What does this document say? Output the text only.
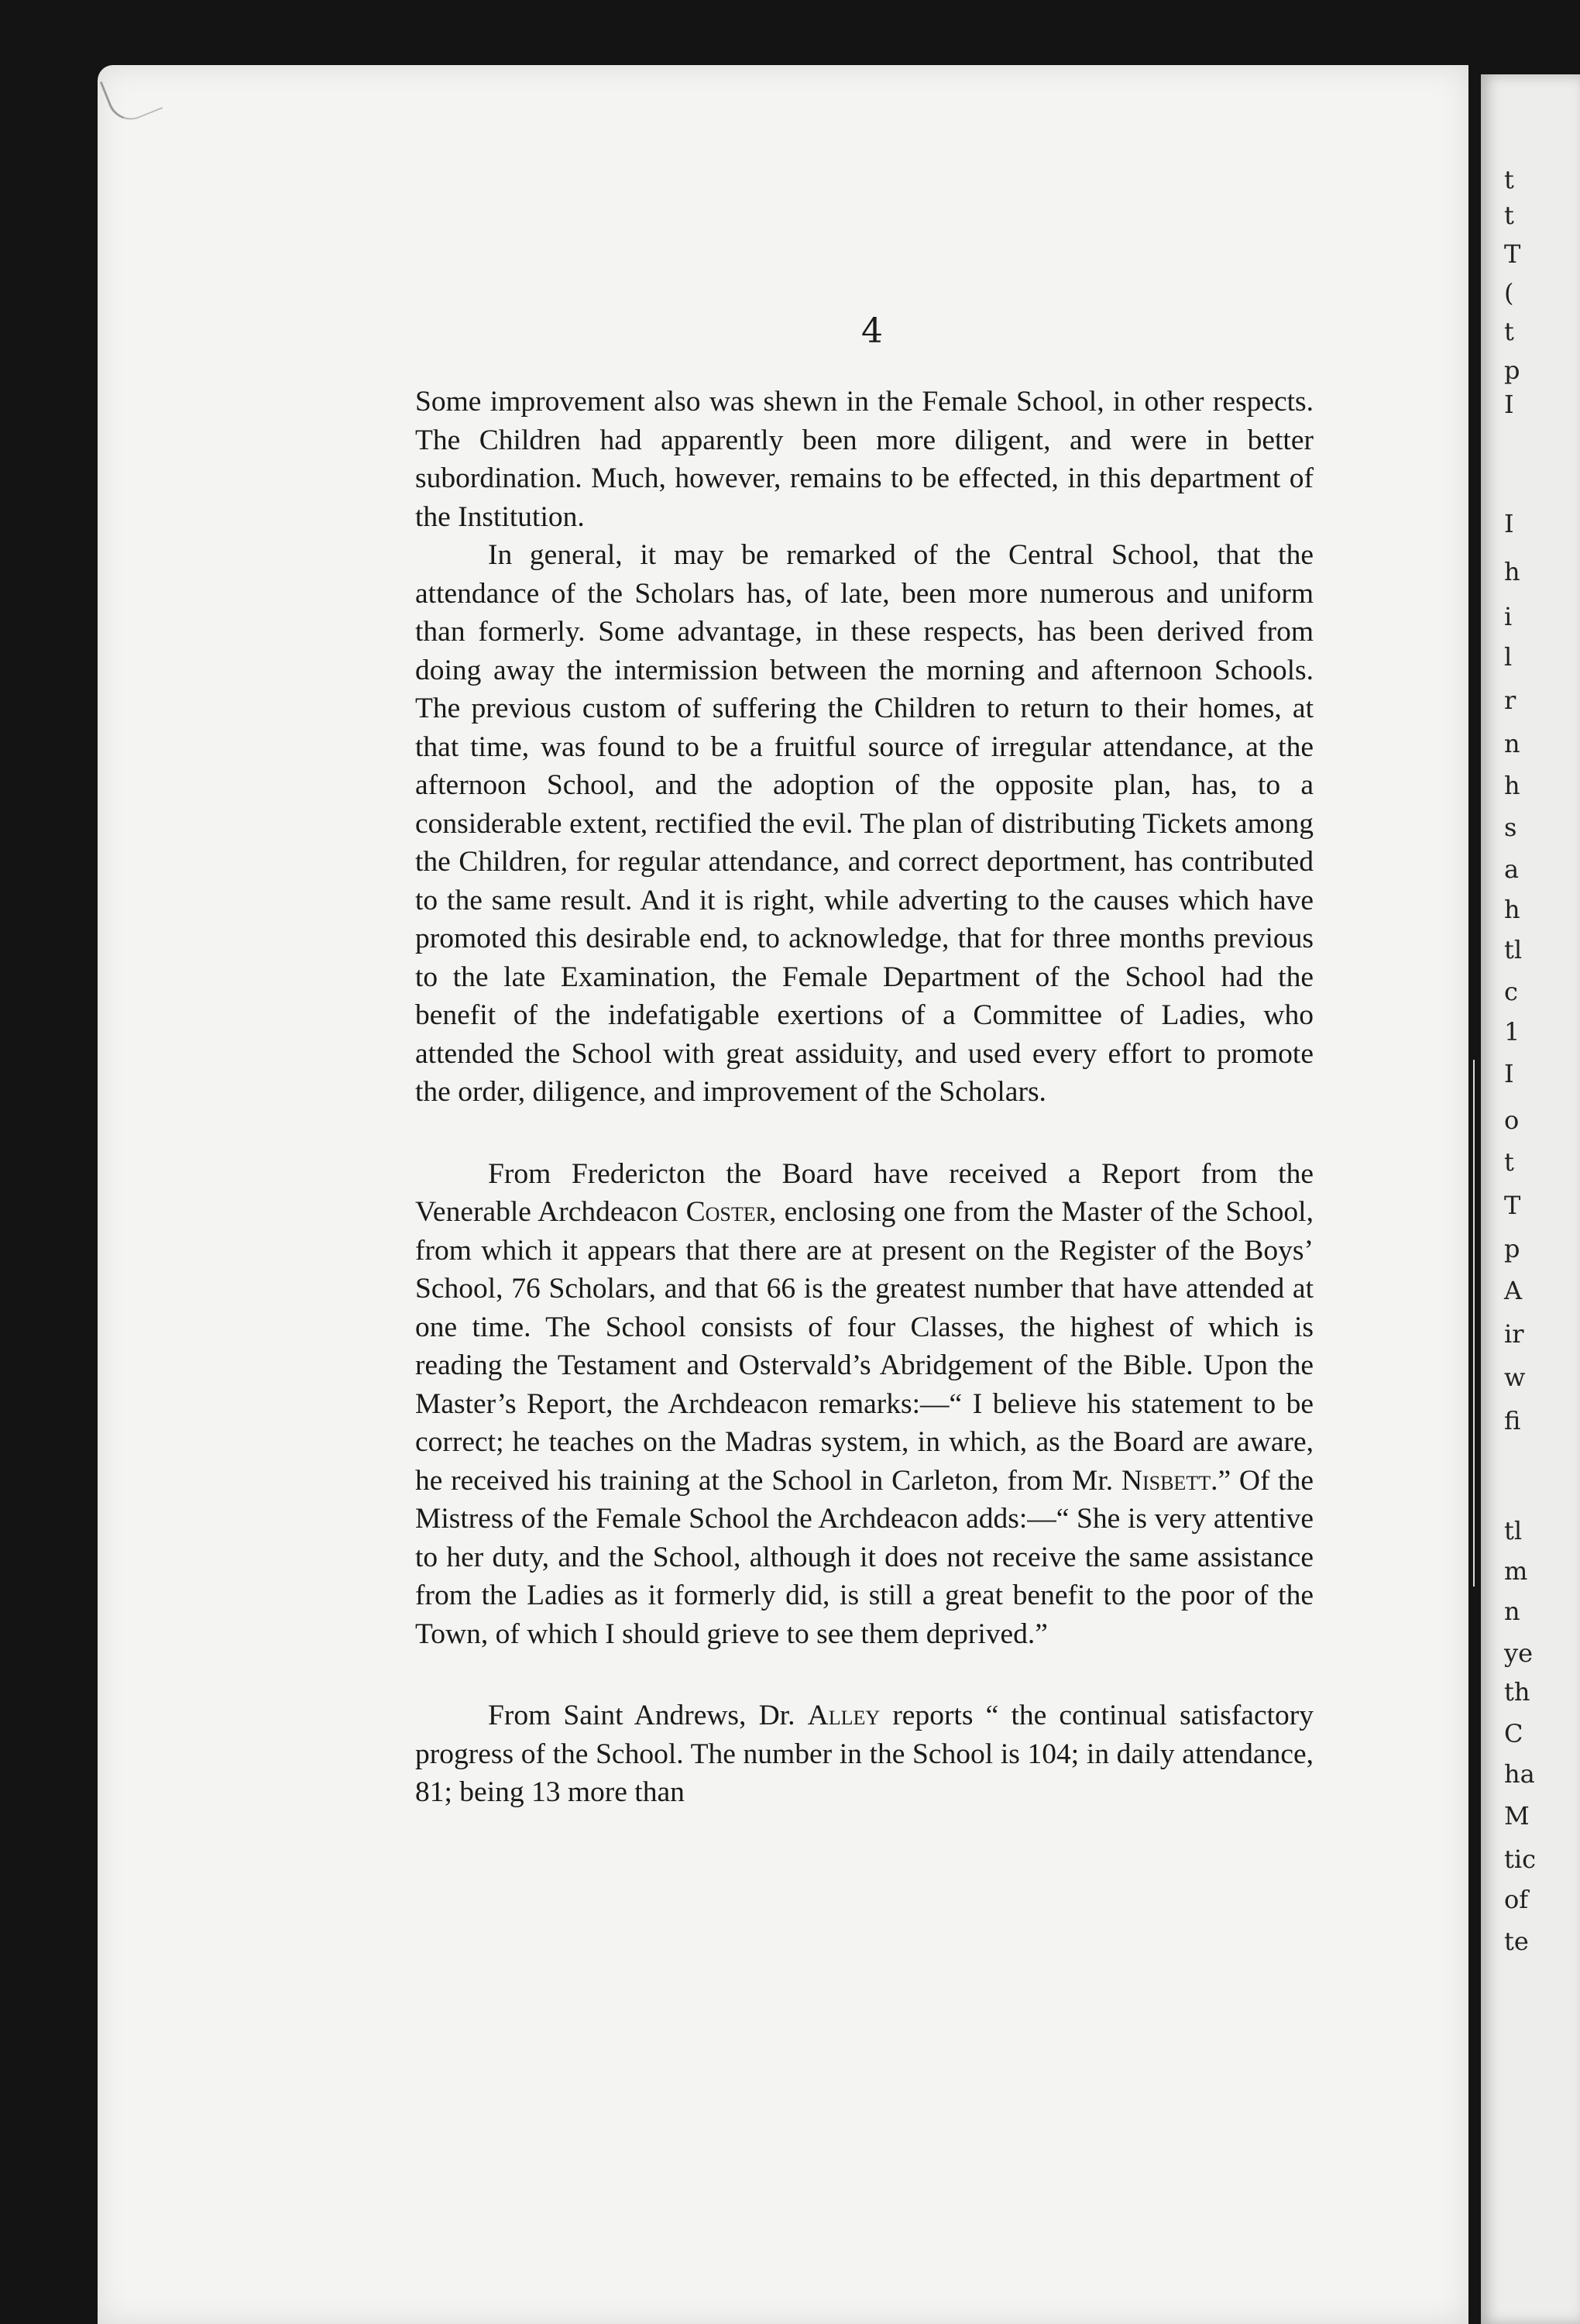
4

Some improvement also was shewn in the Female School, in other respects. The Children had apparently been more diligent, and were in better subordination. Much, however, remains to be effected, in this department of the Institution.

In general, it may be remarked of the Central School, that the attendance of the Scholars has, of late, been more numerous and uniform than formerly. Some advantage, in these respects, has been derived from doing away the intermission between the morning and afternoon Schools. The previous custom of suffering the Children to return to their homes, at that time, was found to be a fruitful source of irregular attendance, at the afternoon School, and the adoption of the opposite plan, has, to a considerable extent, rectified the evil. The plan of distributing Tickets among the Children, for regular attendance, and correct deportment, has contributed to the same result. And it is right, while adverting to the causes which have promoted this desirable end, to acknowledge, that for three months previous to the late Examination, the Female Department of the School had the benefit of the indefatigable exertions of a Committee of Ladies, who attended the School with great assiduity, and used every effort to promote the order, diligence, and improvement of the Scholars.

From Fredericton the Board have received a Report from the Venerable Archdeacon Coster, enclosing one from the Master of the School, from which it appears that there are at present on the Register of the Boys’ School, 76 Scholars, and that 66 is the greatest number that have attended at one time. The School consists of four Classes, the highest of which is reading the Testament and Ostervald’s Abridgement of the Bible. Upon the Master’s Report, the Archdeacon remarks:—“ I believe his statement to be correct; he teaches on the Madras system, in which, as the Board are aware, he received his training at the School in Carleton, from Mr. Nisbett.” Of the Mistress of the Female School the Archdeacon adds:—“ She is very attentive to her duty, and the School, although it does not receive the same assistance from the Ladies as it formerly did, is still a great benefit to the poor of the Town, of which I should grieve to see them deprived.”

From Saint Andrews, Dr. Alley reports “ the continual satisfactory progress of the School. The number in the School is 104; in daily attendance, 81; being 13 more than

t
t
T
(
t
p
I
I
h
i
l
r
n
h
s
a
h
tl
c
1
I
o
t
T
p
A
ir
w
fi
tl
m
n
ye
th
C
ha
M
tic
of
te
